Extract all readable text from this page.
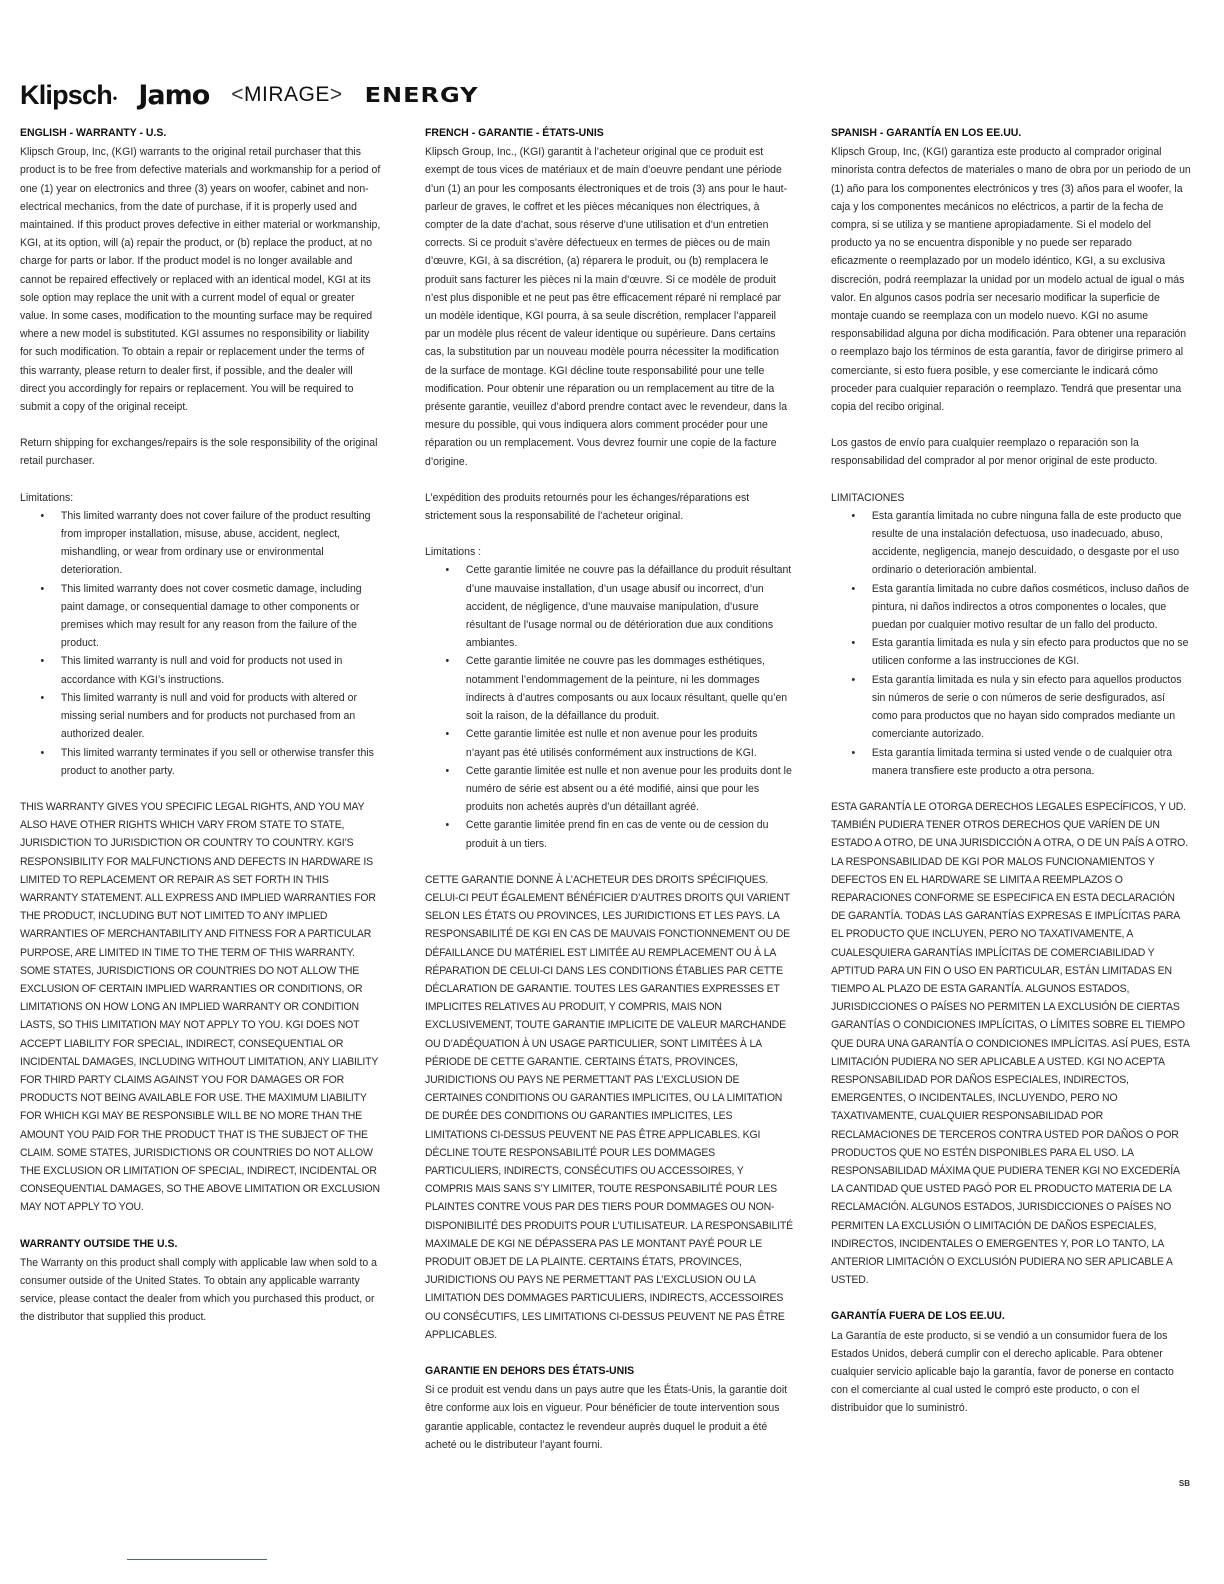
Klipsch• Jamo <MIRAGE> ENERGY
ENGLISH - WARRANTY - U.S.

Klipsch Group, Inc, (KGI) warrants to the original retail purchaser that this product is to be free from defective materials and workmanship for a period of one (1) year on electronics and three (3) years on woofer, cabinet and non-electrical mechanics, from the date of purchase, if it is properly used and maintained. If this product proves defective in either material or workmanship, KGI, at its option, will (a) repair the product, or (b) replace the product, at no charge for parts or labor. If the product model is no longer available and cannot be repaired effectively or replaced with an identical model, KGI at its sole option may replace the unit with a current model of equal or greater value. In some cases, modification to the mounting surface may be required where a new model is substituted. KGI assumes no responsibility or liability for such modification. To obtain a repair or replacement under the terms of this warranty, please return to dealer first, if possible, and the dealer will direct you accordingly for repairs or replacement. You will be required to submit a copy of the original receipt.

Return shipping for exchanges/repairs is the sole responsibility of the original retail purchaser.

Limitations:

• This limited warranty does not cover failure of the product resulting from improper installation, misuse, abuse, accident, neglect, mishandling, or wear from ordinary use or environmental deterioration.
• This limited warranty does not cover cosmetic damage, including paint damage, or consequential damage to other components or premises which may result for any reason from the failure of the product.
• This limited warranty is null and void for products not used in accordance with KGI’s instructions.
• This limited warranty is null and void for products with altered or missing serial numbers and for products not purchased from an authorized dealer.
• This limited warranty terminates if you sell or otherwise transfer this product to another party.

THIS WARRANTY GIVES YOU SPECIFIC LEGAL RIGHTS, AND YOU MAY ALSO HAVE OTHER RIGHTS WHICH VARY FROM STATE TO STATE, JURISDICTION TO JURISDICTION OR COUNTRY TO COUNTRY. KGI’S RESPONSIBILITY FOR MALFUNCTIONS AND DEFECTS IN HARDWARE IS LIMITED TO REPLACEMENT OR REPAIR AS SET FORTH IN THIS WARRANTY STATEMENT. ALL EXPRESS AND IMPLIED WARRANTIES FOR THE PRODUCT, INCLUDING BUT NOT LIMITED TO ANY IMPLIED WARRANTIES OF MERCHANTABILITY AND FITNESS FOR A PARTICULAR PURPOSE, ARE LIMITED IN TIME TO THE TERM OF THIS WARRANTY. SOME STATES, JURISDICTIONS OR COUNTRIES DO NOT ALLOW THE EXCLUSION OF CERTAIN IMPLIED WARRANTIES OR CONDITIONS, OR LIMITATIONS ON HOW LONG AN IMPLIED WARRANTY OR CONDITION LASTS, SO THIS LIMITATION MAY NOT APPLY TO YOU. KGI DOES NOT ACCEPT LIABILITY FOR SPECIAL, INDIRECT, CONSEQUENTIAL OR INCIDENTAL DAMAGES, INCLUDING WITHOUT LIMITATION, ANY LIABILITY FOR THIRD PARTY CLAIMS AGAINST YOU FOR DAMAGES OR FOR PRODUCTS NOT BEING AVAILABLE FOR USE. THE MAXIMUM LIABILITY FOR WHICH KGI MAY BE RESPONSIBLE WILL BE NO MORE THAN THE AMOUNT YOU PAID FOR THE PRODUCT THAT IS THE SUBJECT OF THE CLAIM. SOME STATES, JURISDICTIONS OR COUNTRIES DO NOT ALLOW THE EXCLUSION OR LIMITATION OF SPECIAL, INDIRECT, INCIDENTAL OR CONSEQUENTIAL DAMAGES, SO THE ABOVE LIMITATION OR EXCLUSION MAY NOT APPLY TO YOU.

WARRANTY OUTSIDE THE U.S.

The Warranty on this product shall comply with applicable law when sold to a consumer outside of the United States. To obtain any applicable warranty service, please contact the dealer from which you purchased this product, or the distributor that supplied this product.

FRENCH - GARANTIE - ÉTATS-UNIS

Klipsch Group, Inc., (KGI) garantit à l’acheteur original que ce produit est exempt de tous vices de matériaux et de main d’oeuvre pendant une période d’un (1) an pour les composants électroniques et de trois (3) ans pour le haut-parleur de graves, le coffret et les pièces mécaniques non électriques, à compter de la date d’achat, sous réserve d’une utilisation et d’un entretien corrects. Si ce produit s’avère défectueux en termes de pièces ou de main d’œuvre, KGI, à sa discrétion, (a) réparera le produit, ou (b) remplacera le produit sans facturer les pièces ni la main d’œuvre. Si ce modèle de produit n’est plus disponible et ne peut pas être efficacement réparé ni remplacé par un modèle identique, KGI pourra, à sa seule discrétion, remplacer l’appareil par un modèle plus récent de valeur identique ou supérieure. Dans certains cas, la substitution par un nouveau modèle pourra nécessiter la modification de la surface de montage. KGI décline toute responsabilité pour une telle modification. Pour obtenir une réparation ou un remplacement au titre de la présente garantie, veuillez d’abord prendre contact avec le revendeur, dans la mesure du possible, qui vous indiquera alors comment procéder pour une réparation ou un remplacement. Vous devrez fournir une copie de la facture d’origine.

L’expédition des produits retournés pour les échanges/réparations est strictement sous la responsabilité de l’acheteur original.

Limitations :

• Cette garantie limitée ne couvre pas la défaillance du produit résultant d’une mauvaise installation, d’un usage abusif ou incorrect, d’un accident, de négligence, d’une mauvaise manipulation, d’usure résultant de l’usage normal ou de détérioration due aux conditions ambiantes.
• Cette garantie limitée ne couvre pas les dommages esthétiques, notamment l’endommagement de la peinture, ni les dommages indirects à d’autres composants ou aux locaux résultant, quelle qu’en soit la raison, de la défaillance du produit.
• Cette garantie limitée est nulle et non avenue pour les produits n’ayant pas été utilisés conformément aux instructions de KGI.
• Cette garantie limitée est nulle et non avenue pour les produits dont le numéro de série est absent ou a été modifié, ainsi que pour les produits non achetés auprès d’un détaillant agréé.
• Cette garantie limitée prend fin en cas de vente ou de cession du produit à un tiers.

CETTE GARANTIE DONNE À L’ACHETEUR DES DROITS SPÉCIFIQUES. CELUI-CI PEUT ÉGALEMENT BÉNÉFICIER D’AUTRES DROITS QUI VARIENT SELON LES ÉTATS OU PROVINCES, LES JURIDICTIONS ET LES PAYS. LA RESPONSABILITÉ DE KGI EN CAS DE MAUVAIS FONCTIONNEMENT OU DE DÉFAILLANCE DU MATÉRIEL EST LIMITÉE AU REMPLACEMENT OU À LA RÉPARATION DE CELUI-CI DANS LES CONDITIONS ÉTABLIES PAR CETTE DÉCLARATION DE GARANTIE. TOUTES LES GARANTIES EXPRESSES ET IMPLICITES RELATIVES AU PRODUIT, Y COMPRIS, MAIS NON EXCLUSIVEMENT, TOUTE GARANTIE IMPLICITE DE VALEUR MARCHANDE OU D’ADÉQUATION À UN USAGE PARTICULIER, SONT LIMITÉES À LA PÉRIODE DE CETTE GARANTIE. CERTAINS ÉTATS, PROVINCES, JURIDICTIONS OU PAYS NE PERMETTANT PAS L’EXCLUSION DE CERTAINES CONDITIONS OU GARANTIES IMPLICITES, OU LA LIMITATION DE DURÉE DES CONDITIONS OU GARANTIES IMPLICITES, LES LIMITATIONS CI-DESSUS PEUVENT NE PAS ÊTRE APPLICABLES. KGI DÉCLINE TOUTE RESPONSABILITÉ POUR LES DOMMAGES PARTICULIERS, INDIRECTS, CONSÉCUTIFS OU ACCESSOIRES, Y COMPRIS MAIS SANS S’Y LIMITER, TOUTE RESPONSABILITÉ POUR LES PLAINTES CONTRE VOUS PAR DES TIERS POUR DOMMAGES OU NON-DISPONIBILITÉ DES PRODUITS POUR L’UTILISATEUR. LA RESPONSABILITÉ MAXIMALE DE KGI NE DÉPASSERA PAS LE MONTANT PAYÉ POUR LE PRODUIT OBJET DE LA PLAINTE. CERTAINS ÉTATS, PROVINCES, JURIDICTIONS OU PAYS NE PERMETTANT PAS L’EXCLUSION OU LA LIMITATION DES DOMMAGES PARTICULIERS, INDIRECTS, ACCESSOIRES OU CONSÉCUTIFS, LES LIMITATIONS CI-DESSUS PEUVENT NE PAS ÊTRE APPLICABLES.

GARANTIE EN DEHORS DES ÉTATS-UNIS

Si ce produit est vendu dans un pays autre que les États-Unis, la garantie doit être conforme aux lois en vigueur. Pour bénéficier de toute intervention sous garantie applicable, contactez le revendeur auprès duquel le produit a été acheté ou le distributeur l’ayant fourni.

SPANISH - GARANTÍA EN LOS EE.UU.

Klipsch Group, Inc, (KGI) garantiza este producto al comprador original minorista contra defectos de materiales o mano de obra por un periodo de un (1) año para los componentes electrónicos y tres (3) años para el woofer, la caja y los componentes mecánicos no eléctricos, a partir de la fecha de compra, si se utiliza y se mantiene apropiadamente. Si el modelo del producto ya no se encuentra disponible y no puede ser reparado eficazmente o reemplazado por un modelo idéntico, KGI, a su exclusiva discreción, podrá reemplazar la unidad por un modelo actual de igual o más valor. En algunos casos podría ser necesario modificar la superficie de montaje cuando se reemplaza con un modelo nuevo. KGI no asume responsabilidad alguna por dicha modificación. Para obtener una reparación o reemplazo bajo los términos de esta garantía, favor de dirigirse primero al comerciante, si esto fuera posible, y ese comerciante le indicará cómo proceder para cualquier reparación o reemplazo. Tendrá que presentar una copia del recibo original.

Los gastos de envío para cualquier reemplazo o reparación son la responsabilidad del comprador al por menor original de este producto.

LIMITACIONES

• Esta garantía limitada no cubre ninguna falla de este producto que resulte de una instalación defectuosa, uso inadecuado, abuso, accidente, negligencia, manejo descuidado, o desgaste por el uso ordinario o deterioración ambiental.
• Esta garantía limitada no cubre daños cosméticos, incluso daños de pintura, ni daños indirectos a otros componentes o locales, que puedan por cualquier motivo resultar de un fallo del producto.
• Esta garantía limitada es nula y sin efecto para productos que no se utilicen conforme a las instrucciones de KGI.
• Esta garantía limitada es nula y sin efecto para aquellos productos sin números de serie o con números de serie desfigurados, así como para productos que no hayan sido comprados mediante un comerciante autorizado.
• Esta garantía limitada termina si usted vende o de cualquier otra manera transfiere este producto a otra persona.

ESTA GARANTÍA LE OTORGA DERECHOS LEGALES ESPECÍFICOS, Y UD. TAMBIÉN PUDIERA TENER OTROS DERECHOS QUE VARÍEN DE UN ESTADO A OTRO, DE UNA JURISDICCIÓN A OTRA, O DE UN PAÍS A OTRO. LA RESPONSABILIDAD DE KGI POR MALOS FUNCIONAMIENTOS Y DEFECTOS EN EL HARDWARE SE LIMITA A REEMPLAZOS O REPARACIONES CONFORME SE ESPECIFICA EN ESTA DECLARACIÓN DE GARANTÍA. TODAS LAS GARANTÍAS EXPRESAS E IMPLÍCITAS PARA EL PRODUCTO QUE INCLUYEN, PERO NO TAXATIVAMENTE, A CUALESQUIERA GARANTÍAS IMPLÍCITAS DE COMERCIABILIDAD Y APTITUD PARA UN FIN O USO EN PARTICULAR, ESTÁN LIMITADAS EN TIEMPO AL PLAZO DE ESTA GARANTÍA. ALGUNOS ESTADOS, JURISDICCIONES O PAÍSES NO PERMITEN LA EXCLUSIÓN DE CIERTAS GARANTÍAS O CONDICIONES IMPLÍCITAS, O LÍMITES SOBRE EL TIEMPO QUE DURA UNA GARANTÍA O CONDICIONES IMPLÍCITAS. ASÍ PUES, ESTA LIMITACIÓN PUDIERA NO SER APLICABLE A USTED. KGI NO ACEPTA RESPONSABILIDAD POR DAÑOS ESPECIALES, INDIRECTOS, EMERGENTES, O INCIDENTALES, INCLUYENDO, PERO NO TAXATIVAMENTE, CUALQUIER RESPONSABILIDAD POR RECLAMACIONES DE TERCEROS CONTRA USTED POR DAÑOS O POR PRODUCTOS QUE NO ESTÉN DISPONIBLES PARA EL USO. LA RESPONSABILIDAD MÁXIMA QUE PUDIERA TENER KGI NO EXCEDERÍA LA CANTIDAD QUE USTED PAGÓ POR EL PRODUCTO MATERIA DE LA RECLAMACIÓN. ALGUNOS ESTADOS, JURISDICCIONES O PAÍSES NO PERMITEN LA EXCLUSIÓN O LIMITACIÓN DE DAÑOS ESPECIALES, INDIRECTOS, INCIDENTALES O EMERGENTES Y, POR LO TANTO, LA ANTERIOR LIMITACIÓN O EXCLUSIÓN PUDIERA NO SER APLICABLE A USTED.

GARANTÍA FUERA DE LOS EE.UU.

La Garantía de este producto, si se vendió a un consumidor fuera de los Estados Unidos, deberá cumplir con el derecho aplicable. Para obtener cualquier servicio aplicable bajo la garantía, favor de ponerse en contacto con el comerciante al cual usted le compró este producto, o con el distribuidor que lo suministró.

SB
